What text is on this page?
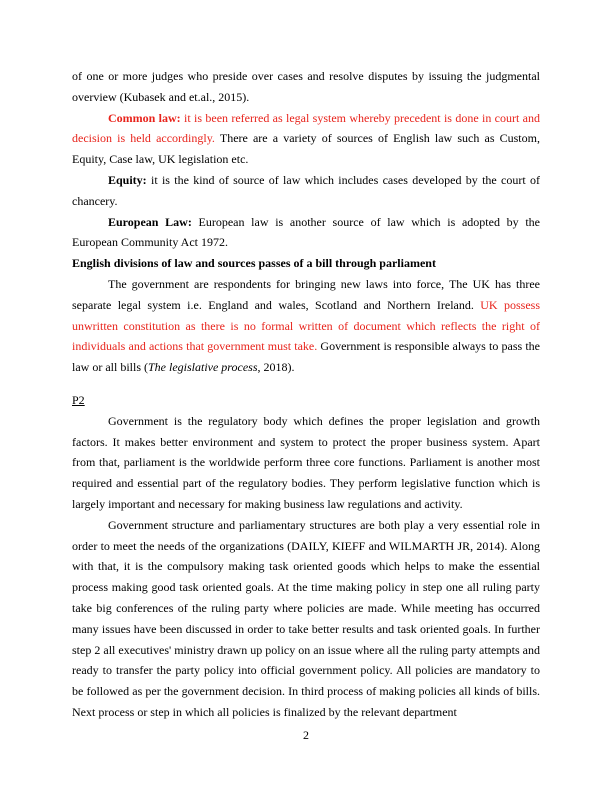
of one or more judges who preside over cases and resolve disputes by issuing the judgmental overview (Kubasek and et.al., 2015).

Common law: it is been referred as legal system whereby precedent is done in court and decision is held accordingly. There are a variety of sources of English law such as Custom, Equity, Case law, UK legislation etc.

Equity: it is the kind of source of law which includes cases developed by the court of chancery.

European Law: European law is another source of law which is adopted by the European Community Act 1972.

English divisions of law and sources passes of a bill through parliament

The government are respondents for bringing new laws into force, The UK has three separate legal system i.e. England and wales, Scotland and Northern Ireland. UK possess unwritten constitution as there is no formal written of document which reflects the right of individuals and actions that government must take. Government is responsible always to pass the law or all bills (The legislative process, 2018).

P2

Government is the regulatory body which defines the proper legislation and growth factors. It makes better environment and system to protect the proper business system. Apart from that, parliament is the worldwide perform three core functions. Parliament is another most required and essential part of the regulatory bodies. They perform legislative function which is largely important and necessary for making business law regulations and activity.

Government structure and parliamentary structures are both play a very essential role in order to meet the needs of the organizations (DAILY, KIEFF and WILMARTH JR, 2014). Along with that, it is the compulsory making task oriented goods which helps to make the essential process making good task oriented goals. At the time making policy in step one all ruling party take big conferences of the ruling party where policies are made. While meeting has occurred many issues have been discussed in order to take better results and task oriented goals. In further step 2 all executives' ministry drawn up policy on an issue where all the ruling party attempts and ready to transfer the party policy into official government policy. All policies are mandatory to be followed as per the government decision. In third process of making policies all kinds of bills. Next process or step in which all policies is finalized by the relevant department

2
